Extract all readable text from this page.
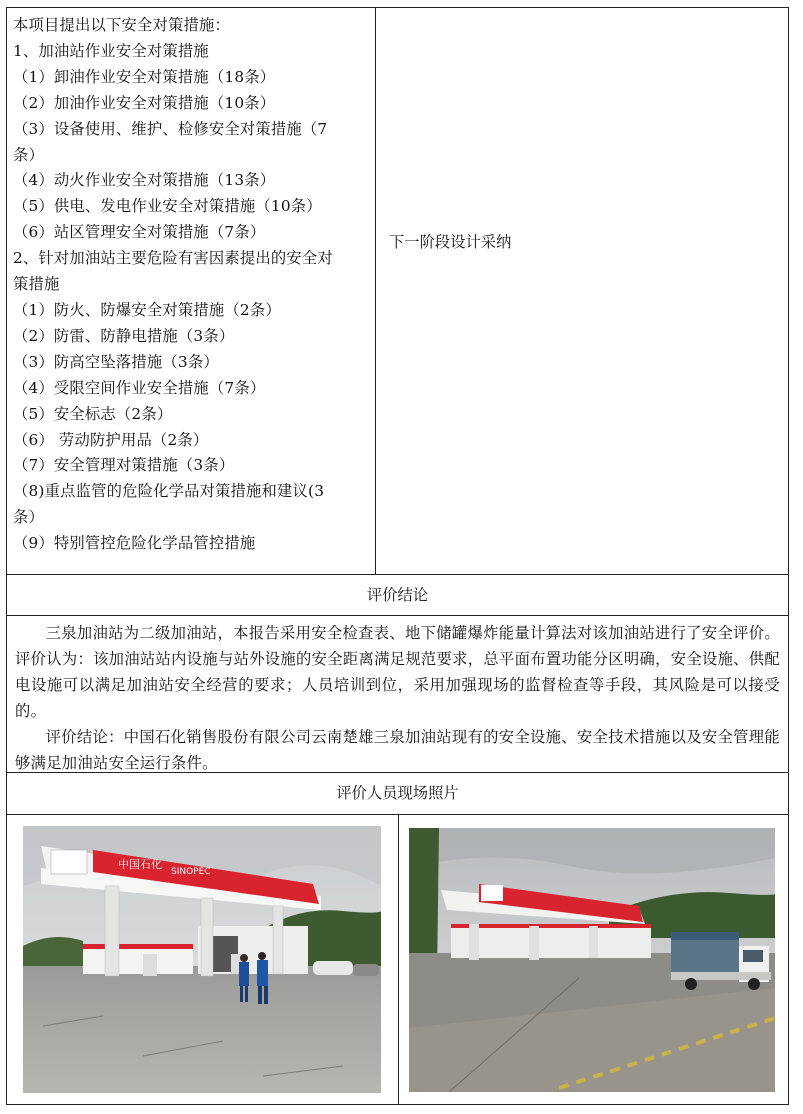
本项目提出以下安全对策措施：
1、加油站作业安全对策措施
（1）卸油作业安全对策措施（18条）
（2）加油作业安全对策措施（10条）
（3）设备使用、维护、检修安全对策措施（7
条）
（4）动火作业安全对策措施（13条）
（5）供电、发电作业安全对策措施（10条）
（6）站区管理安全对策措施（7条）
2、针对加油站主要危险有害因素提出的安全对
策措施
（1）防火、防爆安全对策措施（2条）
（2）防雷、防静电措施（3条）
（3）防高空坠落措施（3条）
（4）受限空间作业安全措施（7条）
（5）安全标志（2条）
（6） 劳动防护用品（2条）
（7）安全管理对策措施（3条）
（8)重点监管的危险化学品对策措施和建议(3
条）
（9）特别管控危险化学品管控措施
下一阶段设计采纳
评价结论

三泉加油站为二级加油站，本报告采用安全检查表、地下储罐爆炸能量计算法对该加油站进行了安全评价。评价认为：该加油站站内设施与站外设施的安全距离满足规范要求，总平面布置功能分区明确，安全设施、供配电设施可以满足加油站安全经营的要求；人员培训到位，采用加强现场的监督检查等手段，其风险是可以接受的。

评价结论：中国石化销售股份有限公司云南楚雄三泉加油站现有的安全设施、安全技术措施以及安全管理能够满足加油站安全运行条件。

评价人员现场照片
中国石化
SINOPEC
